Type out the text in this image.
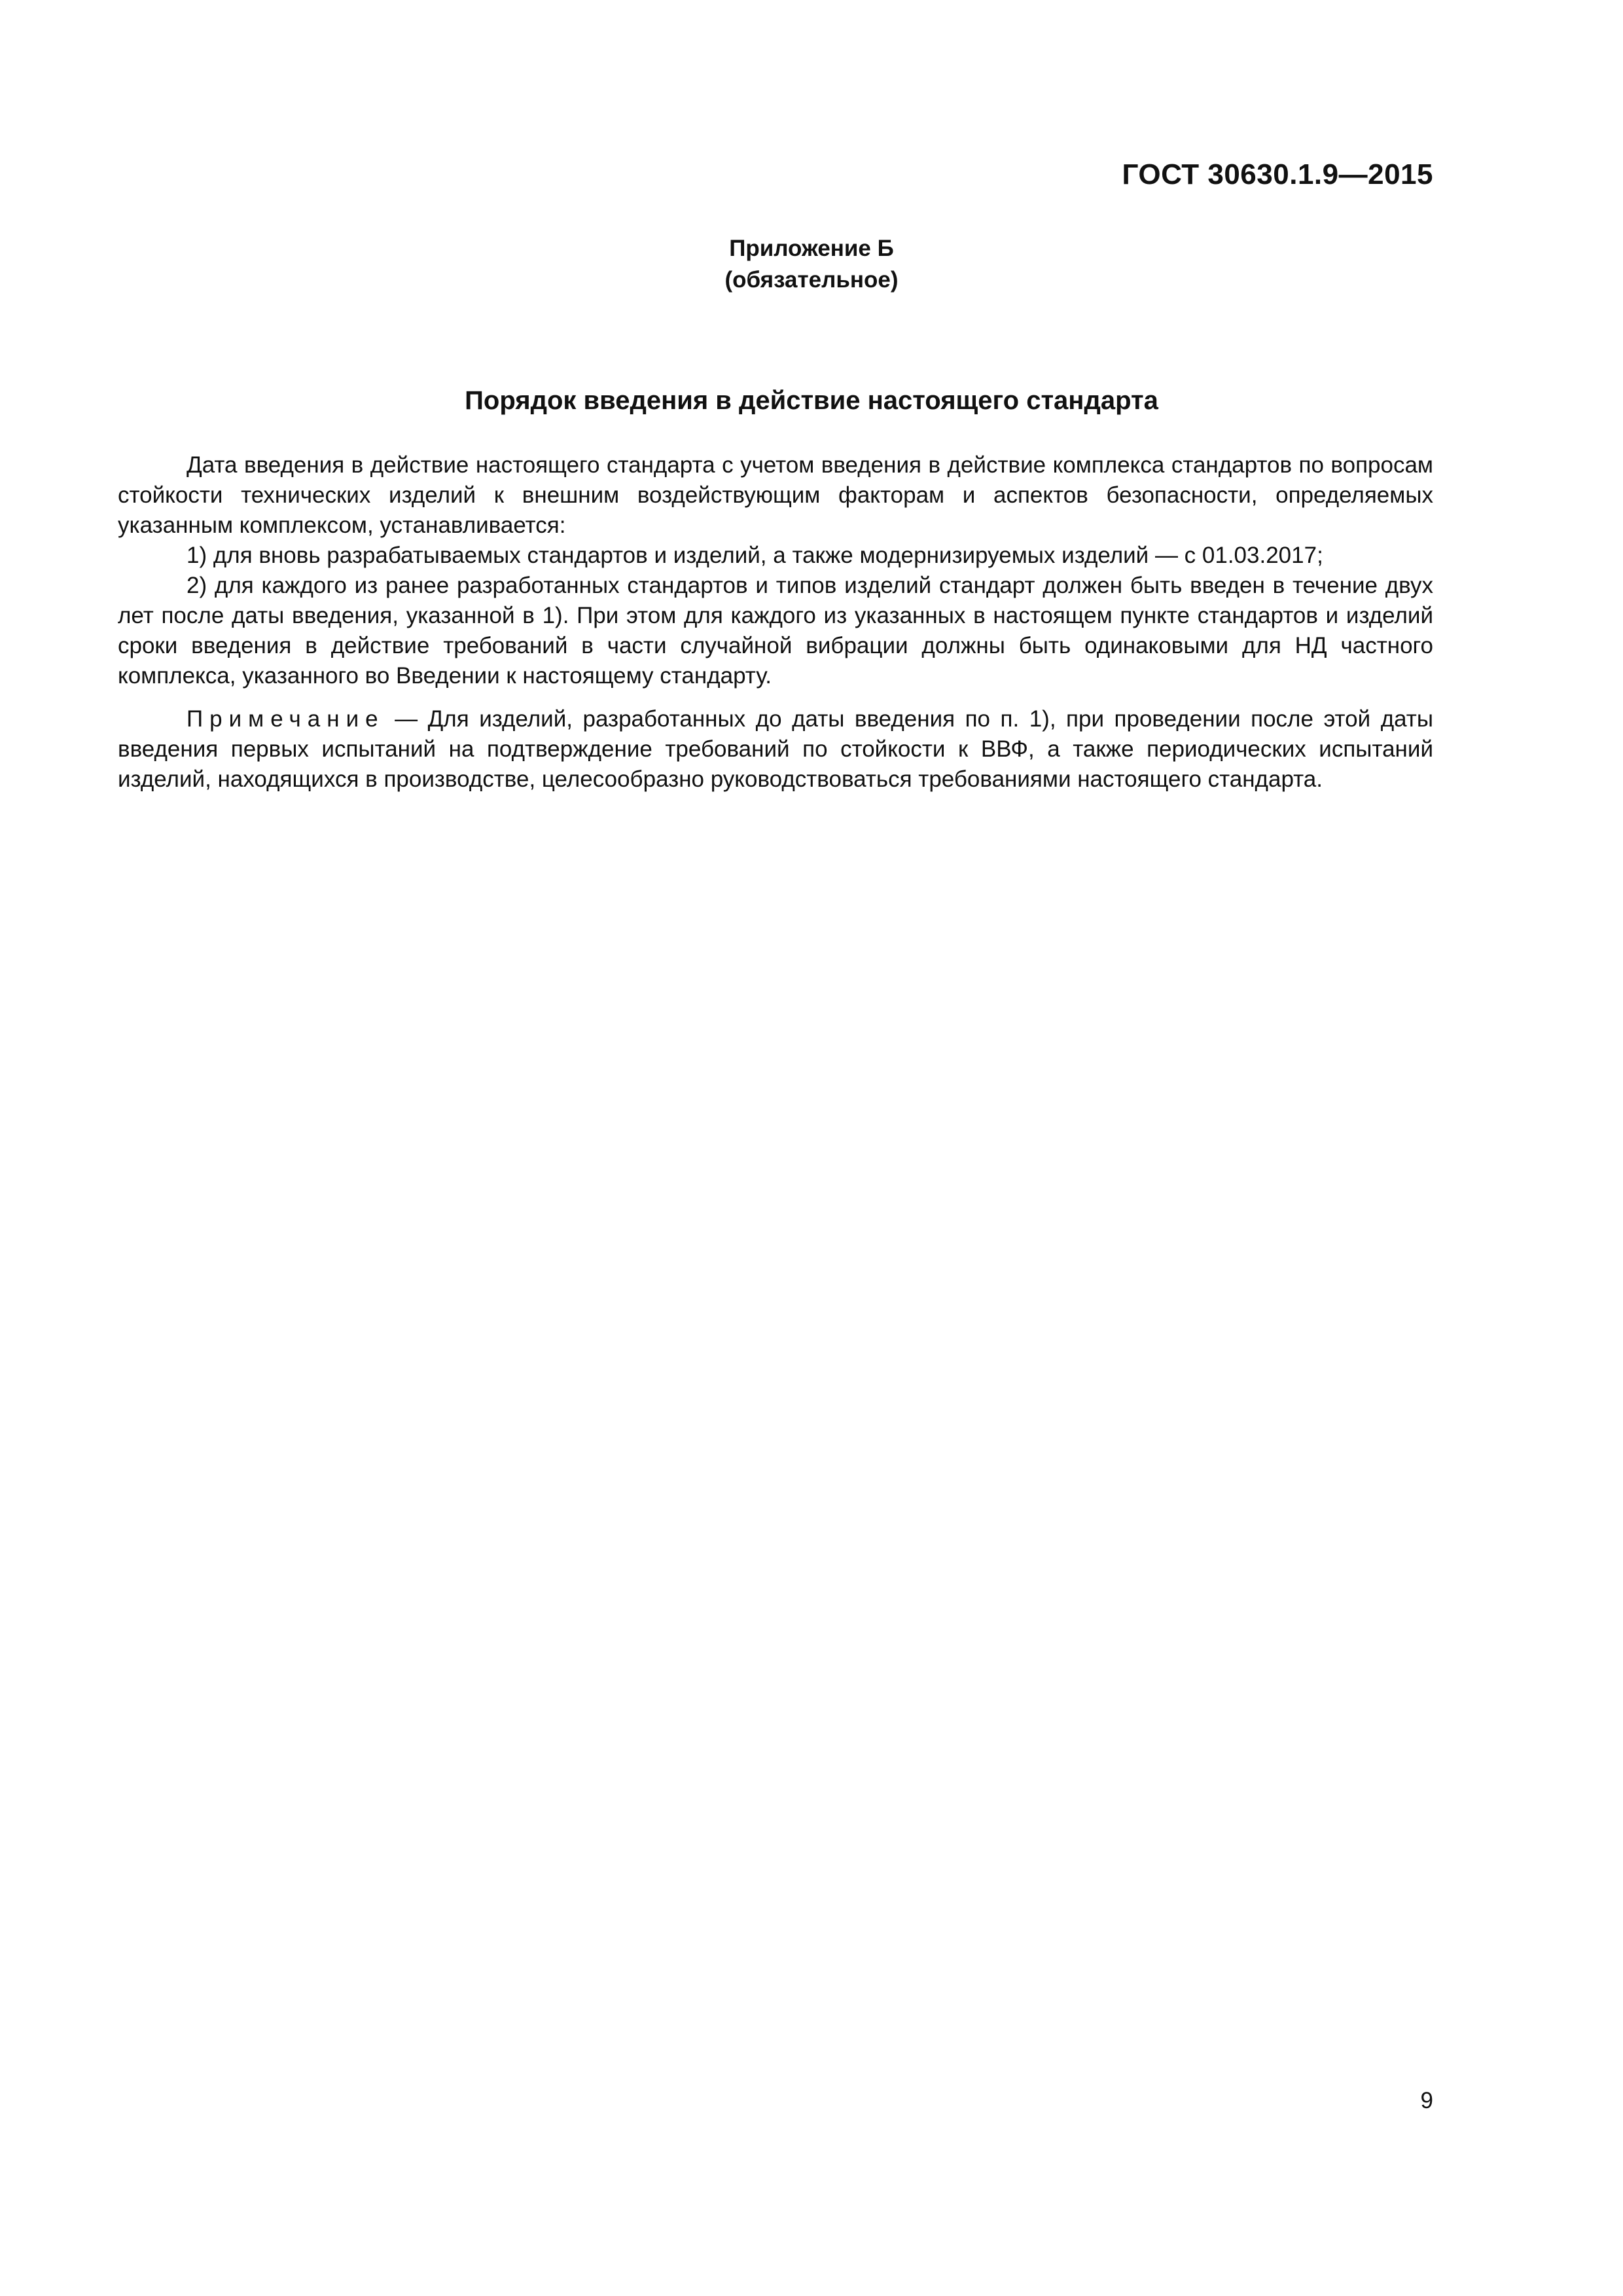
ГОСТ 30630.1.9—2015
Приложение Б
(обязательное)
Порядок введения в действие настоящего стандарта

Дата введения в действие настоящего стандарта с учетом введения в действие комплекса стандартов по вопросам стойкости технических изделий к внешним воздействующим факторам и аспектов безопасности, определяемых указанным комплексом, устанавливается:

1) для вновь разрабатываемых стандартов и изделий, а также модернизируемых изделий — с 01.03.2017;

2) для каждого из ранее разработанных стандартов и типов изделий стандарт должен быть введен в течение двух лет после даты введения, указанной в 1). При этом для каждого из указанных в настоящем пункте стандартов и изделий сроки введения в действие требований в части случайной вибрации должны быть одинаковыми для НД частного комплекса, указанного во Введении к настоящему стандарту.

Примечание — Для изделий, разработанных до даты введения по п. 1), при проведении после этой даты введения первых испытаний на подтверждение требований по стойкости к ВВФ, а также периодических испытаний изделий, находящихся в производстве, целесообразно руководствоваться требованиями настоящего стандарта.

9
